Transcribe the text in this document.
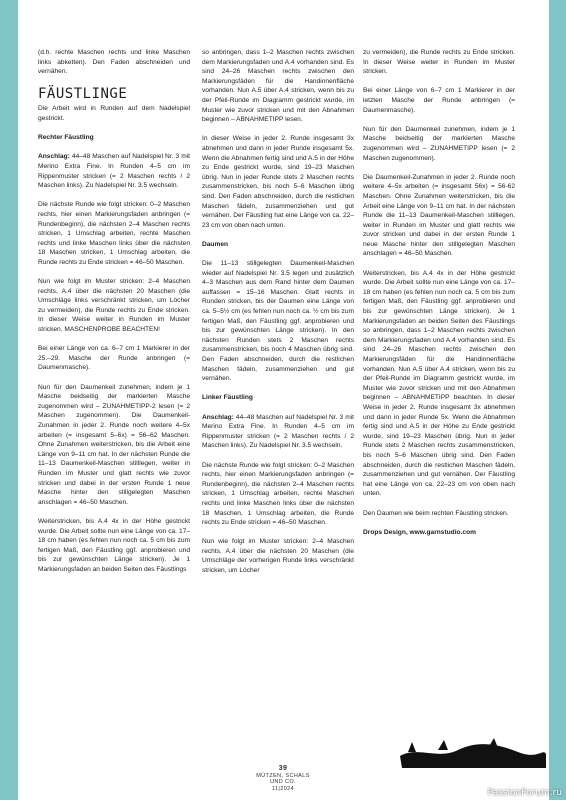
(d.h. rechte Maschen rechts und linke Maschen links abketten). Den Faden abschneiden und vernähen.

FÄUSTLINGE

Die Arbeit wird in Runden auf dem Nadelspiel gestrickt.

Rechter Fäustling

Anschlag: 44–48 Maschen auf Nadelspiel Nr. 3 mit Merino Extra Fine. In Runden 4–5 cm im Rippenmuster stricken (= 2 Maschen rechts / 2 Maschen links). Zu Nadelspiel Nr. 3.5 wechseln.

Die nächste Runde wie folgt stricken: 0–2 Maschen rechts, hier einen Markierungsfaden anbringen (= Rundenbeginn), die nächsten 2–4 Maschen rechts stricken, 1 Umschlag arbeiten, rechte Maschen rechts und linke Maschen links über die nächsten 18 Maschen stricken, 1 Umschlag arbeiten, die Runde rechts zu Ende stricken = 46–50 Maschen.

Nun wie folgt im Muster stricken: 2–4 Maschen rechts, A.4 über die nächsten 20 Maschen (die Umschläge links verschränkt stricken, um Löcher zu vermeiden), die Runde rechts zu Ende stricken. In dieser Weise weiter in Runden im Muster stricken. MASCHENPROBE BEACHTEN!

Bei einer Länge von ca. 6–7 cm 1 Markierer in der 25.–29. Masche der Runde anbringen (= Daumenmasche).

Nun für den Daumenkeil zunehmen, indem je 1 Masche beidseitig der markierten Masche zugenommen wird – ZUNAHMETIPP-2 lesen (= 2 Maschen zugenommen). Die Daumenkeil-Zunahmen in jeder 2. Runde noch weitere 4–5x arbeiten (= insgesamt 5–6x) = 56–62 Maschen. Ohne Zunahmen weiterstricken, bis die Arbeit eine Länge von 9–11 cm hat. In der nächsten Runde die 11–13 Daumenkeil-Maschen stilllegen, weiter in Runden im Muster und glatt rechts wie zuvor stricken und dabei in der ersten Runde 1 neue Masche hinter den stillgelegten Maschen anschlagen = 46–50 Maschen.

Weiterstricken, bis A.4 4x in der Höhe gestrickt wurde. Die Arbeit sollte nun eine Länge von ca. 17–18 cm haben (es fehlen nun noch ca. 5 cm bis zum fertigen Maß, den Fäustling ggf. anprobieren und bis zur gewünschten Länge stricken). Je 1 Markierungsfaden an beiden Seiten des Fäustlings

so anbringen, dass 1–2 Maschen rechts zwischen dem Markierungsfaden und A.4 vorhanden sind. Es sind 24–26 Maschen rechts zwischen den Markierungsfäden für die Handinnenfläche vorhanden. Nun A.5 über A.4 stricken, wenn bis zu der Pfeil-Runde im Diagramm gestrickt wurde, im Muster wie zuvor stricken und mit den Abnahmen beginnen – ABNAHMETIPP lesen.

In dieser Weise in jeder 2. Runde insgesamt 3x abnehmen und dann in jeder Runde insgesamt 5x. Wenn die Abnahmen fertig sind und A.5 in der Höhe zu Ende gestrickt wurde, sind 19–23 Maschen übrig. Nun in jeder Runde stets 2 Maschen rechts zusammenstricken, bis noch 5–6 Maschen übrig sind. Den Faden abschneiden, durch die restlichen Maschen fädeln, zusammenziehen und gut vernähen. Der Fäustling hat eine Länge von ca. 22–23 cm von oben nach unten.

Daumen

Die 11–13 stillgelegten Daumenkeil-Maschen wieder auf Nadelspiel Nr. 3.5 legen und zusätzlich 4–3 Maschen aus dem Rand hinter dem Daumen auffassen = 15–16 Maschen. Glatt rechts in Runden stricken, bis der Daumen eine Länge von ca. 5–5½ cm (es fehlen nun noch ca. ½ cm bis zum fertigen Maß, den Fäustling ggf. anprobieren und bis zur gewünschten Länge stricken). In den nächsten Runden stets 2 Maschen rechts zusammenstricken, bis noch 4 Maschen übrig sind. Den Faden abschneiden, durch die restlichen Maschen fädeln, zusammenziehen und gut vernähen.

Linker Fäustling

Anschlag: 44–48 Maschen auf Nadelspiel Nr. 3 mit Merino Extra Fine. In Runden 4–5 cm im Rippenmuster stricken (= 2 Maschen rechts / 2 Maschen links). Zu Nadelspiel Nr. 3.5 wechseln.

Die nächste Runde wie folgt stricken: 0–2 Maschen rechts, hier einen Markierungsfaden anbringen (= Rundenbeginn), die nächsten 2–4 Maschen rechts stricken, 1 Umschlag arbeiten, rechte Maschen rechts und linke Maschen links über die nächsten 18 Maschen, 1 Umschlag arbeiten, die Runde rechts zu Ende stricken = 46–50 Maschen.

Nun wie folgt im Muster stricken: 2–4 Maschen rechts, A.4 über die nächsten 20 Maschen (die Umschläge der vorherigen Runde links verschränkt stricken, um Löcher

zu vermeiden), die Runde rechts zu Ende stricken. In dieser Weise weiter in Runden im Muster stricken.

Bei einer Länge von 6–7 cm 1 Markierer in der letzten Masche der Runde anbringen (= Daumenmasche).

Nun für den Daumenkeil zunehmen, indem je 1 Masche beidseitig der markierten Masche zugenommen wird – ZUNAHMETIPP lesen (= 2 Maschen zugenommen).

Die Daumenkeil-Zunahmen in jeder 2. Runde noch weitere 4–5x arbeiten (= insgesamt 56x) = 56-62 Maschen. Ohne Zunahmen weiterstricken, bis die Arbeit eine Länge von 9–11 cm hat. In der nächsten Runde die 11–13 Daumenkeil-Maschen stilllegen, weiter in Runden im Muster und glatt rechts wie zuvor stricken und dabei in der ersten Runde 1 neue Masche hinter den stillgelegten Maschen anschlagen = 46–50 Maschen.

Weiterstricken, bis A.4 4x in der Höhe gestrickt wurde. Die Arbeit sollte nun eine Länge von ca. 17–18 cm haben (es fehlen nun noch ca. 5 cm bis zum fertigen Maß, den Fäustling ggf. anprobieren und bis zur gewünschten Länge stricken). Je 1 Markierungsfaden an beiden Seiten des Fäustlings so anbringen, dass 1–2 Maschen rechts zwischen dem Markierungsfaden und A.4 vorhanden sind. Es sind 24–26 Maschen rechts zwischen den Markierungsfäden für die Handinnenfläche vorhanden. Nun A.5 über A.4 stricken, wenn bis zu der Pfeil-Runde im Diagramm gestrickt wurde, im Muster wie zuvor stricken und mit den Abnahmen beginnen – ABNAHMETIPP beachten. In dieser Weise in jeder 2. Runde insgesamt 3x abnehmen und dann in jeder Runde 5x. Wenn die Abnahmen fertig sind und A.5 in der Höhe zu Ende gestrickt wurde, sind 19–23 Maschen übrig. Nun in jeder Runde stets 2 Maschen rechts zusammenstricken, bis noch 5–6 Maschen übrig sind. Den Faden abschneiden, durch die restlichen Maschen fädeln, zusammenziehen und gut vernähen. Der Fäustling hat eine Länge von ca. 22–23 cm von oben nach unten.

Den Daumen wie beim rechten Fäustling stricken.

Drops Design, www.garnstudio.com

39
MÜTZEN, SCHALS
UND CO.
11|2024	PassionForum.ru
